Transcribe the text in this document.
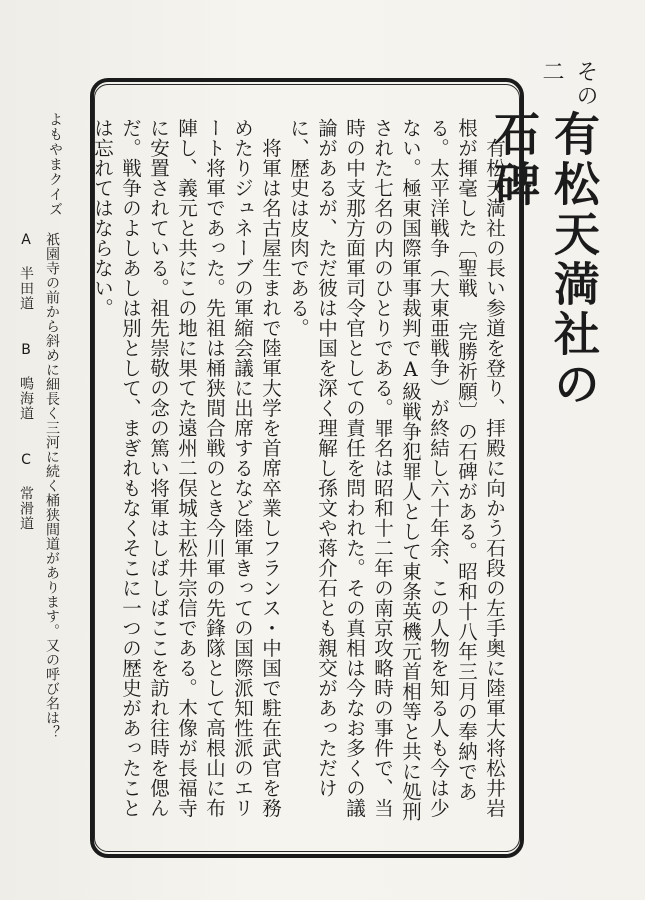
その二
有松天満社の石碑

有松天満社の長い参道を登り、拝殿に向かう石段の左手奥に陸軍大将松井岩根が揮毫した〔聖戦 完勝祈願〕の石碑がある。昭和十八年三月の奉納である。太平洋戦争（大東亜戦争）が終結し六十年余、この人物を知る人も今は少ない。極東国際軍事裁判でA級戦争犯罪人として東条英機元首相等と共に処刑された七名の内のひとりである。罪名は昭和十二年の南京攻略時の事件で、当時の中支那方面軍司令官としての責任を問われた。その真相は今なお多くの議論があるが、ただ彼は中国を深く理解し孫文や蒋介石とも親交があっただけに、歴史は皮肉である。

将軍は名古屋生まれで陸軍大学を首席卒業しフランス・中国で駐在武官を務めたりジュネーブの軍縮会議に出席するなど陸軍きっての国際派知性派のエリート将軍であった。先祖は桶狭間合戦のとき今川軍の先鋒隊として高根山に布陣し、義元と共にこの地に果てた遠州二俣城主松井宗信である。木像が長福寺に安置されている。祖先崇敬の念の篤い将軍はしばしばここを訪れ往時を偲んだ。戦争のよしあしは別として、まぎれもなくそこに一つの歴史があったことは忘れてはならない。

よもやまクイズ
祇園寺の前から斜めに細長く三河に続く桶狭間道があります。又の呼び名は？
A 半田道 B 鳴海道 C 常滑道
